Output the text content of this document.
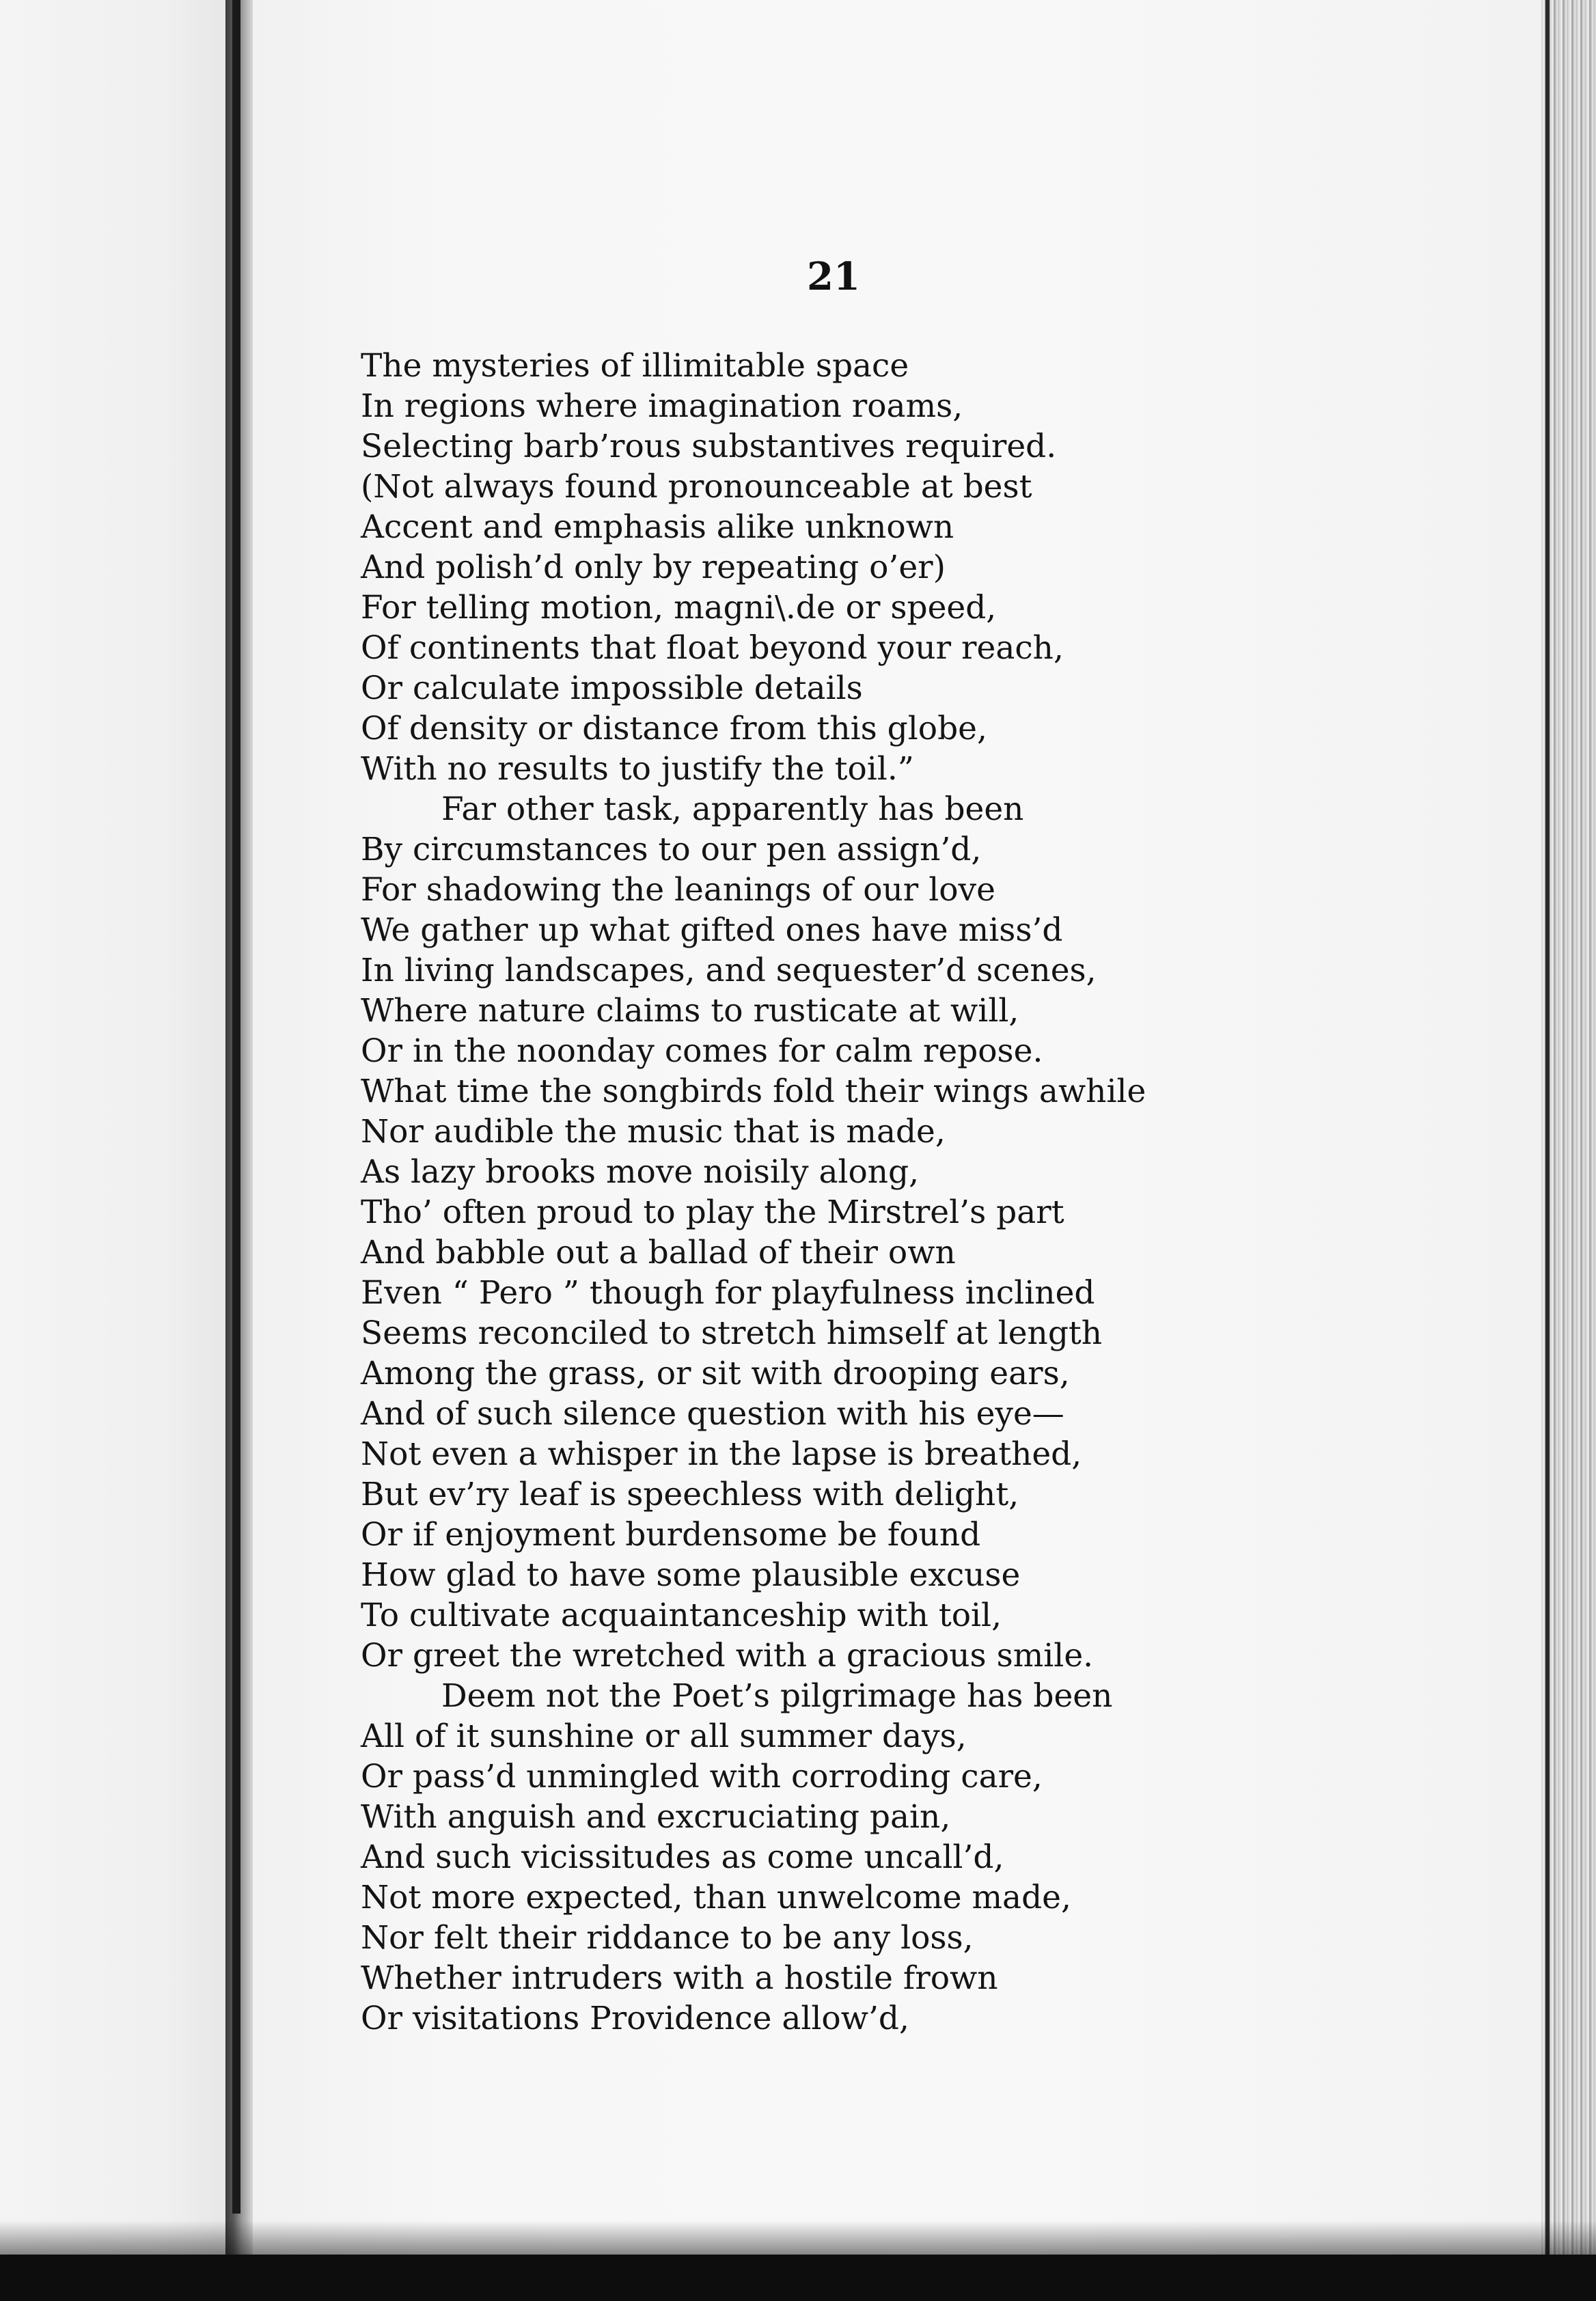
21
The mysteries of illimitable space
In regions where imagination roams,
Selecting barb’rous substantives required.
(Not always found pronounceable at best
Accent and emphasis alike unknown
And polish’d only by repeating o’er)
For telling motion, magni\.de or speed,
Of continents that float beyond your reach,
Or calculate impossible details
Of density or distance from this globe,
With no results to justify the toil.”
Far other task, apparently has been
By circumstances to our pen assign’d,
For shadowing the leanings of our love
We gather up what gifted ones have miss’d
In living landscapes, and sequester’d scenes,
Where nature claims to rusticate at will,
Or in the noonday comes for calm repose.
What time the songbirds fold their wings awhile
Nor audible the music that is made,
As lazy brooks move noisily along,
Tho’ often proud to play the Mirstrel’s part
And babble out a ballad of their own
Even “ Pero ” though for playfulness inclined
Seems reconciled to stretch himself at length
Among the grass, or sit with drooping ears,
And of such silence question with his eye—
Not even a whisper in the lapse is breathed,
But ev’ry leaf is speechless with delight,
Or if enjoyment burdensome be found
How glad to have some plausible excuse
To cultivate acquaintanceship with toil,
Or greet the wretched with a gracious smile.
Deem not the Poet’s pilgrimage has been
All of it sunshine or all summer days,
Or pass’d unmingled with corroding care,
With anguish and excruciating pain,
And such vicissitudes as come uncall’d,
Not more expected, than unwelcome made,
Nor felt their riddance to be any loss,
Whether intruders with a hostile frown
Or visitations Providence allow’d,
